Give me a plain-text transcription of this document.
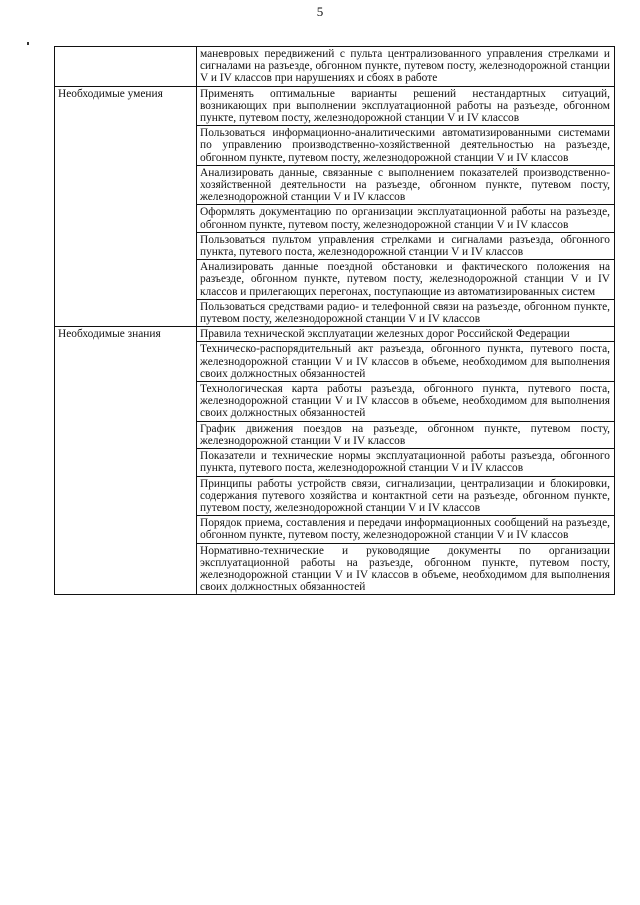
5
	маневровых передвижений с пульта централизованного управления стрелками и сигналами на разъезде, обгонном пункте, путевом посту, железнодорожной станции V и IV классов при нарушениях и сбоях в работе
Необходимые умения	Применять оптимальные варианты решений нестандартных ситуаций, возникающих при выполнении эксплуатационной работы на разъезде, обгонном пункте, путевом посту, железнодорожной станции V и IV классов
	Пользоваться информационно-аналитическими автоматизированными системами по управлению производственно-хозяйственной деятельностью на разъезде, обгонном пункте, путевом посту, железнодорожной станции V и IV классов
	Анализировать данные, связанные с выполнением показателей производственно-хозяйственной деятельности на разъезде, обгонном пункте, путевом посту, железнодорожной станции V и IV классов
	Оформлять документацию по организации эксплуатационной работы на разъезде, обгонном пункте, путевом посту, железнодорожной станции V и IV классов
	Пользоваться пультом управления стрелками и сигналами разъезда, обгонного пункта, путевого поста, железнодорожной станции V и IV классов
	Анализировать данные поездной обстановки и фактического положения на разъезде, обгонном пункте, путевом посту, железнодорожной станции V и IV классов и прилегающих перегонах, поступающие из автоматизированных систем
	Пользоваться средствами радио- и телефонной связи на разъезде, обгонном пункте, путевом посту, железнодорожной станции V и IV классов
Необходимые знания	Правила технической эксплуатации железных дорог Российской Федерации
	Техническо-распорядительный акт разъезда, обгонного пункта, путевого поста, железнодорожной станции V и IV классов в объеме, необходимом для выполнения своих должностных обязанностей
	Технологическая карта работы разъезда, обгонного пункта, путевого поста, железнодорожной станции V и IV классов в объеме, необходимом для выполнения своих должностных обязанностей
	График движения поездов на разъезде, обгонном пункте, путевом посту, железнодорожной станции V и IV классов
	Показатели и технические нормы эксплуатационной работы разъезда, обгонного пункта, путевого поста, железнодорожной станции V и IV классов
	Принципы работы устройств связи, сигнализации, централизации и блокировки, содержания путевого хозяйства и контактной сети на разъезде, обгонном пункте, путевом посту, железнодорожной станции V и IV классов
	Порядок приема, составления и передачи информационных сообщений на разъезде, обгонном пункте, путевом посту, железнодорожной станции V и IV классов
	Нормативно-технические и руководящие документы по организации эксплуатационной работы на разъезде, обгонном пункте, путевом посту, железнодорожной станции V и IV классов в объеме, необходимом для выполнения своих должностных обязанностей
